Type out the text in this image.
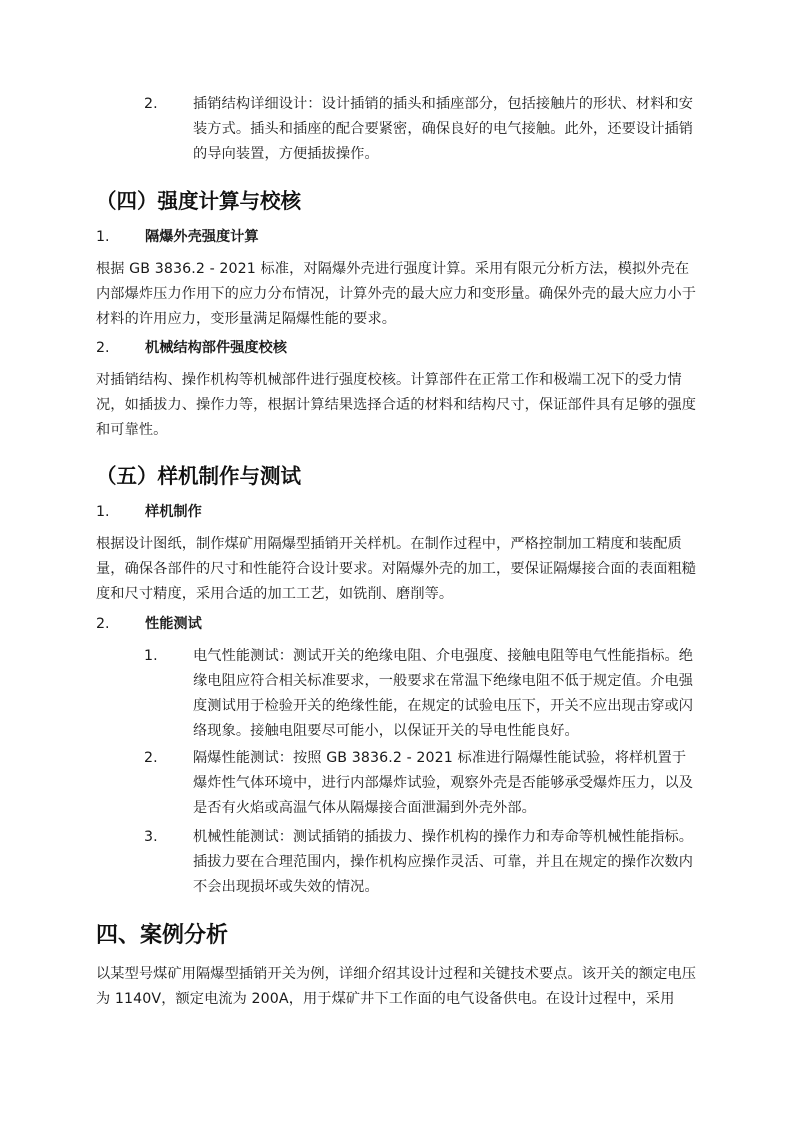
2. 插销结构详细设计：设计插销的插头和插座部分，包括接触片的形状、材料和安装方式。插头和插座的配合要紧密，确保良好的电气接触。此外，还要设计插销的导向装置，方便插拔操作。

（四）强度计算与校核
1. 隔爆外壳强度计算

根据 GB 3836.2 - 2021 标准，对隔爆外壳进行强度计算。采用有限元分析方法，模拟外壳在内部爆炸压力作用下的应力分布情况，计算外壳的最大应力和变形量。确保外壳的最大应力小于材料的许用应力，变形量满足隔爆性能的要求。

2. 机械结构部件强度校核

对插销结构、操作机构等机械部件进行强度校核。计算部件在正常工作和极端工况下的受力情况，如插拔力、操作力等，根据计算结果选择合适的材料和结构尺寸，保证部件具有足够的强度和可靠性。

（五）样机制作与测试
1. 样机制作

根据设计图纸，制作煤矿用隔爆型插销开关样机。在制作过程中，严格控制加工精度和装配质量，确保各部件的尺寸和性能符合设计要求。对隔爆外壳的加工，要保证隔爆接合面的表面粗糙度和尺寸精度，采用合适的加工工艺，如铣削、磨削等。

2. 性能测试
1. 电气性能测试：测试开关的绝缘电阻、介电强度、接触电阻等电气性能指标。绝缘电阻应符合相关标准要求，一般要求在常温下绝缘电阻不低于规定值。介电强度测试用于检验开关的绝缘性能，在规定的试验电压下，开关不应出现击穿或闪络现象。接触电阻要尽可能小，以保证开关的导电性能良好。

2. 隔爆性能测试：按照 GB 3836.2 - 2021 标准进行隔爆性能试验，将样机置于爆炸性气体环境中，进行内部爆炸试验，观察外壳是否能够承受爆炸压力，以及是否有火焰或高温气体从隔爆接合面泄漏到外壳外部。

3. 机械性能测试：测试插销的插拔力、操作机构的操作力和寿命等机械性能指标。插拔力要在合理范围内，操作机构应操作灵活、可靠，并且在规定的操作次数内不会出现损坏或失效的情况。

四、案例分析

以某型号煤矿用隔爆型插销开关为例，详细介绍其设计过程和关键技术要点。该开关的额定电压为 1140V，额定电流为 200A，用于煤矿井下工作面的电气设备供电。在设计过程中，采用
